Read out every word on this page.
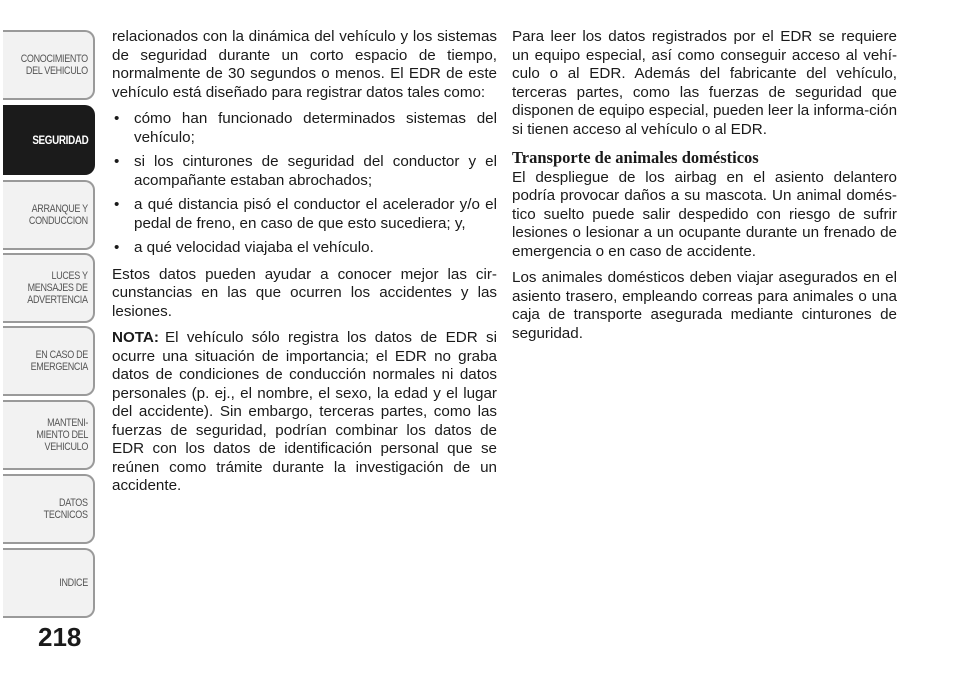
CONOCIMIENTO
DEL VEHICULO
SEGURIDAD
ARRANQUE Y
CONDUCCION
LUCES Y
MENSAJES DE
ADVERTENCIA
EN CASO DE
EMERGENCIA
MANTENI-
MIENTO DEL
VEHICULO
DATOS
TECNICOS
INDICE
218

relacionados con la dinámica del vehículo y los sistemas de seguridad durante un corto espacio de tiempo, normalmente de 30 segundos o menos. El EDR de este vehículo está diseñado para registrar datos tales como:

• cómo han funcionado determinados sistemas del vehículo;
• si los cinturones de seguridad del conductor y el acompañante estaban abrochados;
• a qué distancia pisó el conductor el acelerador y/o el pedal de freno, en caso de que esto sucediera; y,
• a qué velocidad viajaba el vehículo.

Estos datos pueden ayudar a conocer mejor las cir-cunstancias en las que ocurren los accidentes y las lesiones.

NOTA: El vehículo sólo registra los datos de EDR si ocurre una situación de importancia; el EDR no graba datos de condiciones de conducción normales ni datos personales (p. ej., el nombre, el sexo, la edad y el lugar del accidente). Sin embargo, terceras partes, como las fuerzas de seguridad, podrían combinar los datos de EDR con los datos de identificación personal que se reúnen como trámite durante la investigación de un accidente.

Para leer los datos registrados por el EDR se requiere un equipo especial, así como conseguir acceso al vehí-culo o al EDR. Además del fabricante del vehículo, terceras partes, como las fuerzas de seguridad que disponen de equipo especial, pueden leer la informa-ción si tienen acceso al vehículo o al EDR.

Transporte de animales domésticos

El despliegue de los airbag en el asiento delantero podría provocar daños a su mascota. Un animal domés-tico suelto puede salir despedido con riesgo de sufrir lesiones o lesionar a un ocupante durante un frenado de emergencia o en caso de accidente.

Los animales domésticos deben viajar asegurados en el asiento trasero, empleando correas para animales o una caja de transporte asegurada mediante cinturones de seguridad.
